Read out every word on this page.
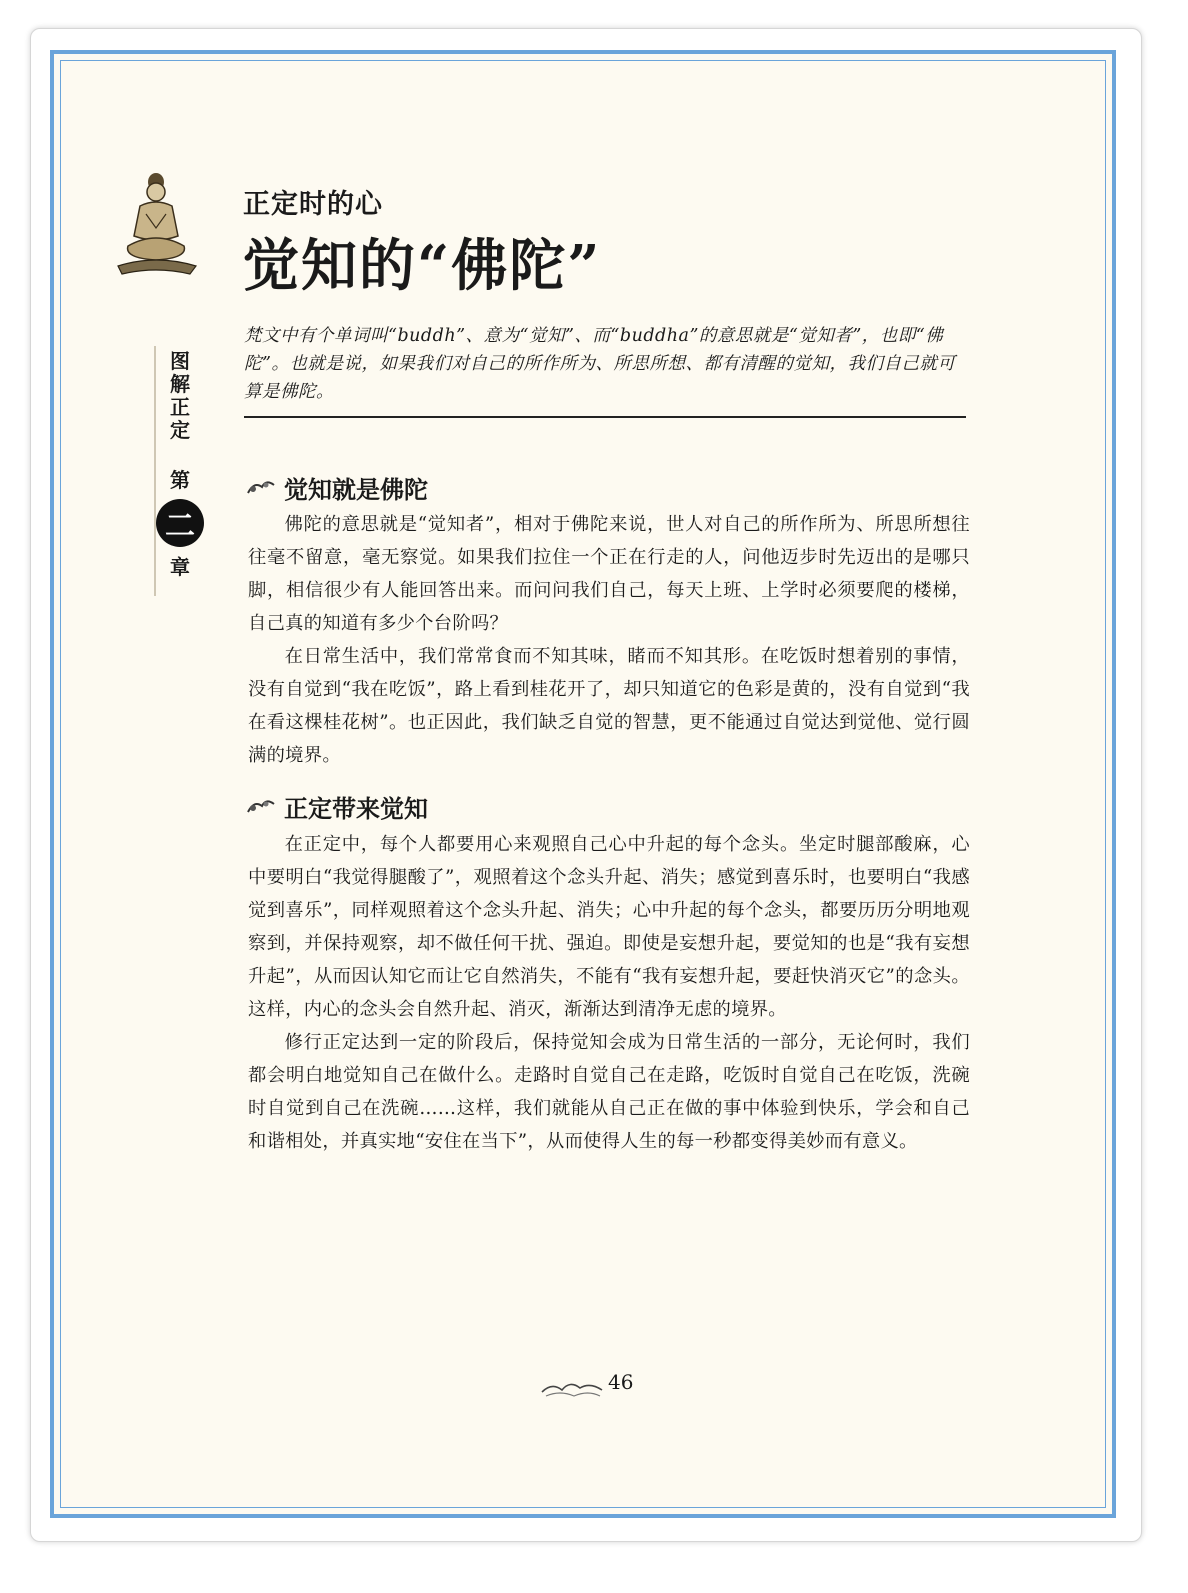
正定时的心
觉知的“佛陀”
梵文中有个单词叫“buddh”、意为“觉知”、而“buddha”的意思就是“觉知者”，也即“佛陀”。也就是说，如果我们对自己的所作所为、所思所想、都有清醒的觉知，我们自己就可算是佛陀。
图解正定
第
二
章
觉知就是佛陀

佛陀的意思就是“觉知者”，相对于佛陀来说，世人对自己的所作所为、所思所想往往毫不留意，毫无察觉。如果我们拉住一个正在行走的人，问他迈步时先迈出的是哪只脚，相信很少有人能回答出来。而问问我们自己，每天上班、上学时必须要爬的楼梯，自己真的知道有多少个台阶吗？

在日常生活中，我们常常食而不知其味，睹而不知其形。在吃饭时想着别的事情，没有自觉到“我在吃饭”，路上看到桂花开了，却只知道它的色彩是黄的，没有自觉到“我在看这棵桂花树”。也正因此，我们缺乏自觉的智慧，更不能通过自觉达到觉他、觉行圆满的境界。

正定带来觉知

在正定中，每个人都要用心来观照自己心中升起的每个念头。坐定时腿部酸麻，心中要明白“我觉得腿酸了”，观照着这个念头升起、消失；感觉到喜乐时，也要明白“我感觉到喜乐”，同样观照着这个念头升起、消失；心中升起的每个念头，都要历历分明地观察到，并保持观察，却不做任何干扰、强迫。即使是妄想升起，要觉知的也是“我有妄想升起”，从而因认知它而让它自然消失，不能有“我有妄想升起，要赶快消灭它”的念头。这样，内心的念头会自然升起、消灭，渐渐达到清净无虑的境界。

修行正定达到一定的阶段后，保持觉知会成为日常生活的一部分，无论何时，我们都会明白地觉知自己在做什么。走路时自觉自己在走路，吃饭时自觉自己在吃饭，洗碗时自觉到自己在洗碗……这样，我们就能从自己正在做的事中体验到快乐，学会和自己和谐相处，并真实地“安住在当下”，从而使得人生的每一秒都变得美妙而有意义。

46
